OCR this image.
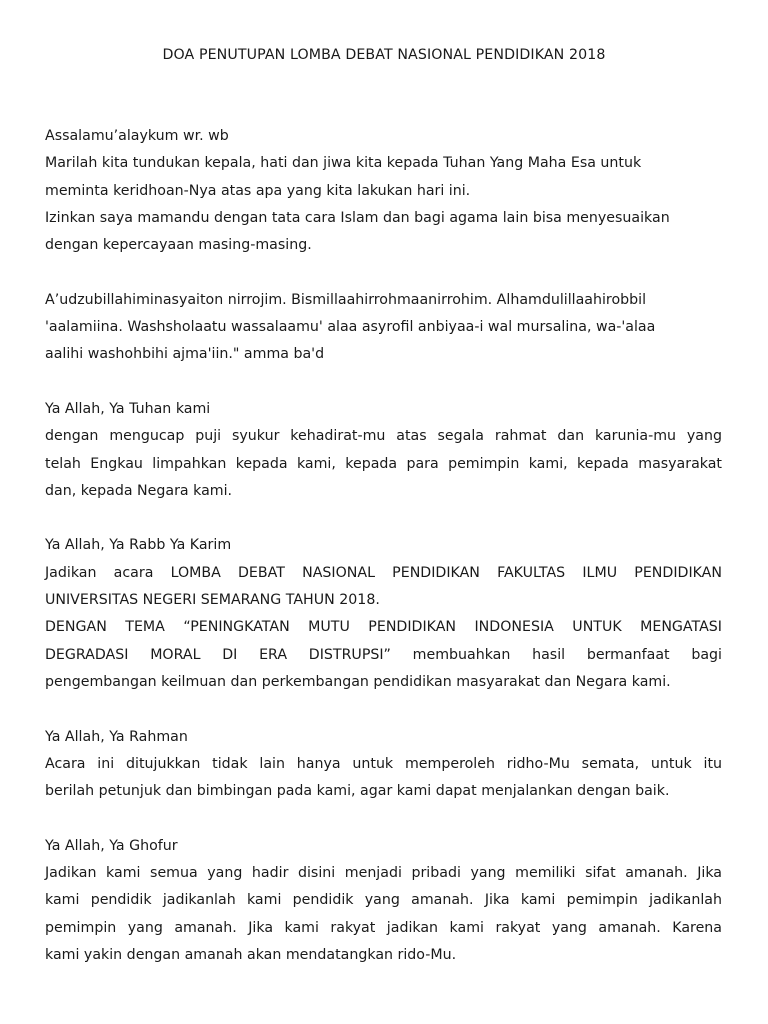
DOA PENUTUPAN LOMBA DEBAT NASIONAL PENDIDIKAN 2018

Assalamu’alaykum wr. wb

Marilah kita tundukan kepala, hati dan jiwa kita kepada Tuhan Yang Maha Esa untuk

meminta keridhoan-Nya atas apa yang kita lakukan hari ini.

Izinkan saya mamandu dengan tata cara Islam dan bagi agama lain bisa menyesuaikan

dengan kepercayaan masing-masing.

A’udzubillahiminasyaiton nirrojim. Bismillaahirrohmaanirrohim. Alhamdulillaahirobbil

'aalamiina. Washsholaatu wassalaamu' alaa asyrofil anbiyaa-i wal mursalina, wa-'alaa

aalihi washohbihi ajma'iin." amma ba'd

Ya Allah, Ya Tuhan kami

dengan mengucap puji syukur kehadirat-mu atas segala rahmat dan karunia-mu yang

telah Engkau limpahkan kepada kami, kepada para pemimpin kami, kepada masyarakat

dan, kepada Negara kami.

Ya Allah, Ya Rabb Ya Karim

Jadikan acara LOMBA DEBAT NASIONAL PENDIDIKAN FAKULTAS ILMU PENDIDIKAN

UNIVERSITAS NEGERI SEMARANG TAHUN 2018.

DENGAN TEMA “PENINGKATAN MUTU PENDIDIKAN INDONESIA UNTUK MENGATASI

DEGRADASI MORAL DI ERA DISTRUPSI” membuahkan hasil bermanfaat bagi

pengembangan keilmuan dan perkembangan pendidikan masyarakat dan Negara kami.

Ya Allah, Ya Rahman

Acara ini ditujukkan tidak lain hanya untuk memperoleh ridho-Mu semata, untuk itu

berilah petunjuk dan bimbingan pada kami, agar kami dapat menjalankan dengan baik.

Ya Allah, Ya Ghofur

Jadikan kami semua yang hadir disini menjadi pribadi yang memiliki sifat amanah. Jika

kami pendidik jadikanlah kami pendidik yang amanah. Jika kami pemimpin jadikanlah

pemimpin yang amanah. Jika kami rakyat jadikan kami rakyat yang amanah. Karena

kami yakin dengan amanah akan mendatangkan rido-Mu.
